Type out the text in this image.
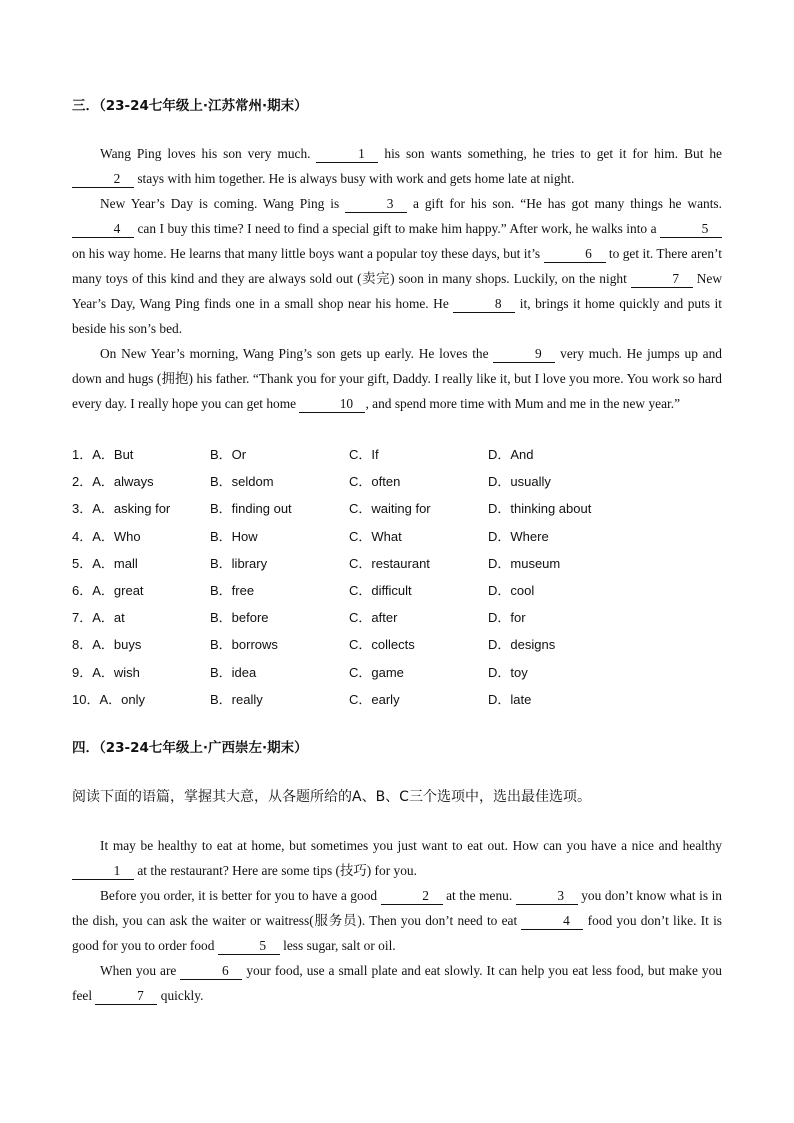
三．（23-24七年级上·江苏常州·期末）

Wang Ping loves his son very much.	1 his son wants something, he tries to get it for him. But he 2 stays with him together. He is always busy with work and gets home late at night.

New Year’s Day is coming. Wang Ping is	3 a gift for his son. “He has got many things he wants. 4 can I buy this time? I need to find a special gift to make him happy.” After work, he walks into a	5 on his way home. He learns that many little boys want a popular toy these days, but it’s	6 to get it. There aren’t many toys of this kind and they are always sold out (卖完) soon in many shops. Luckily, on the night	7 New Year’s Day, Wang Ping finds one in a small shop near his home. He	8 it, brings it home quickly and puts it beside his son’s bed.

On New Year’s morning, Wang Ping’s son gets up early. He loves the	9 very much. He jumps up and down and hugs (拥抱) his father. “Thank you for your gift, Daddy. I really like it, but I love you more. You work so hard every day. I really hope you can get home	10 , and spend more time with Mum and me in the new year.”

1．A．But	B．Or	C．If	D．And
2．A．always	B．seldom	C．often	D．usually
3．A．asking for	B．finding out	C．waiting for	D．thinking about
4．A．Who	B．How	C．What	D．Where
5．A．mall	B．library	C．restaurant	D．museum
6．A．great	B．free	C．difficult	D．cool
7．A．at	B．before	C．after	D．for
8．A．buys	B．borrows	C．collects	D．designs
9．A．wish	B．idea	C．game	D．toy
10．A．only	B．really	C．early	D．late
四．（23-24七年级上·广西崇左·期末）
阅读下面的语篇，掌握其大意，从各题所给的A、B、C三个选项中，选出最佳选项。

It may be healthy to eat at home, but sometimes you just want to eat out. How can you have a nice and healthy 1 at the restaurant? Here are some tips (技巧) for you.

Before you order, it is better for you to have a good	2 at the menu.	3 you don’t know what is in the dish, you can ask the waiter or waitress(服务员). Then you don’t need to eat	4 food you don’t like. It is good for you to order food	5 less sugar, salt or oil.

When you are	6 your food, use a small plate and eat slowly. It can help you eat less food, but make you feel	7 quickly.
